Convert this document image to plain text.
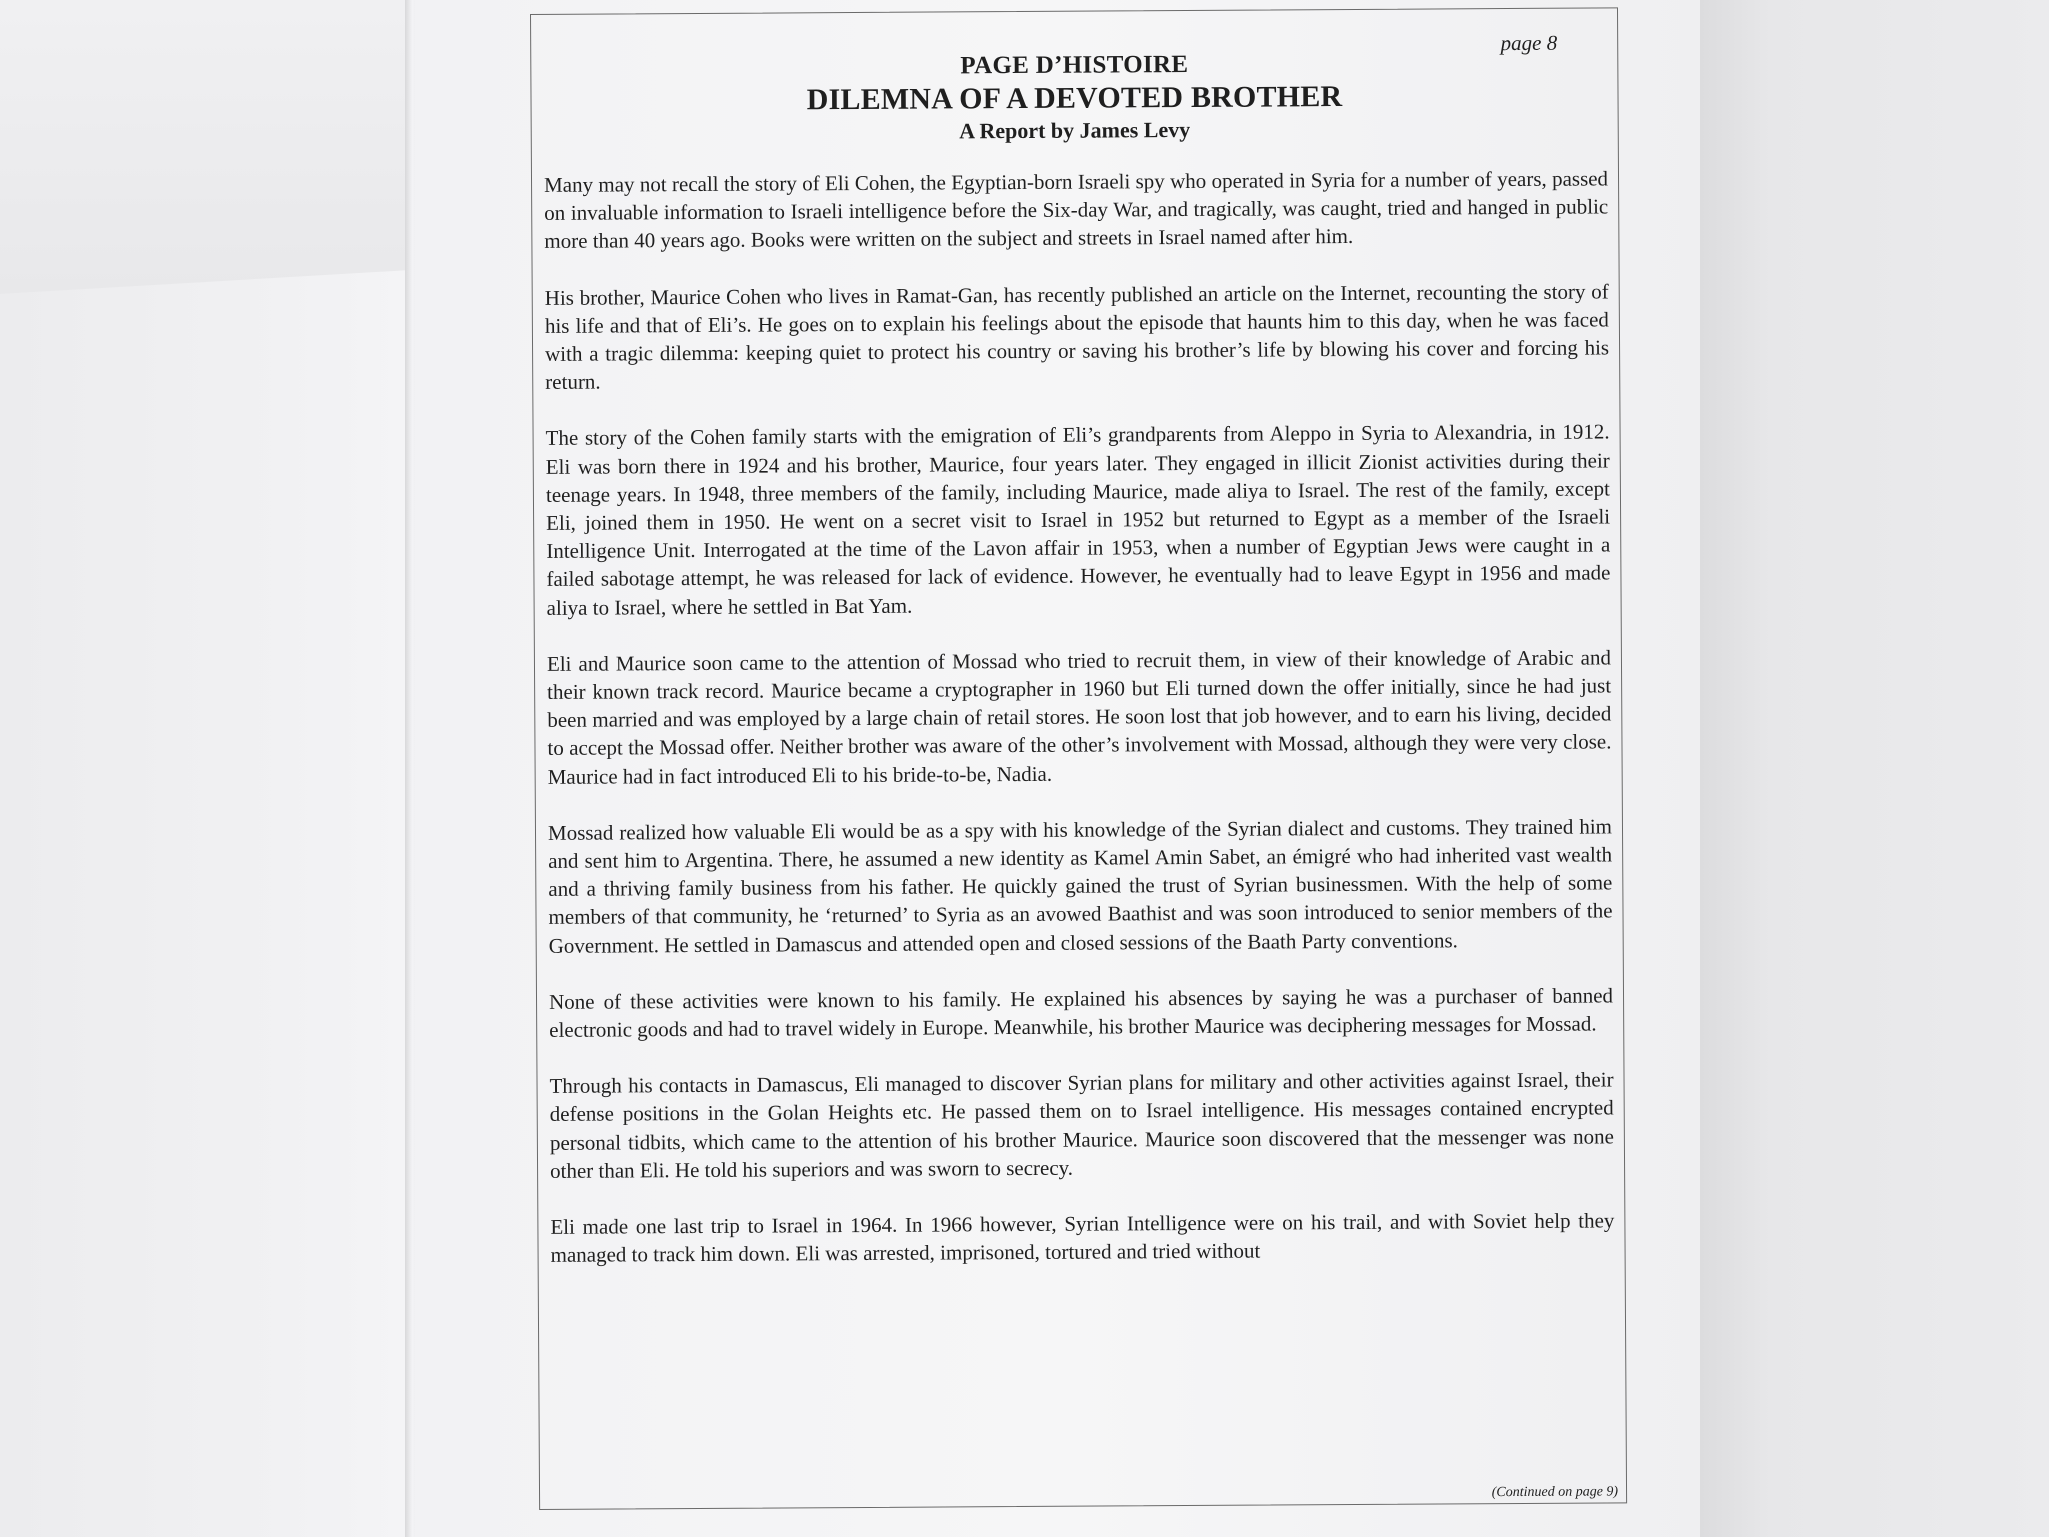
page 8
PAGE D’HISTOIRE
DILEMNA OF A DEVOTED BROTHER
A Report by James Levy

Many may not recall the story of Eli Cohen, the Egyptian-born Israeli spy who operated in Syria for a number of years, passed on invaluable information to Israeli intelligence before the Six-day War, and tragically, was caught, tried and hanged in public more than 40 years ago. Books were written on the subject and streets in Israel named after him.

His brother, Maurice Cohen who lives in Ramat-Gan, has recently published an article on the Internet, recounting the story of his life and that of Eli’s. He goes on to explain his feelings about the episode that haunts him to this day, when he was faced with a tragic dilemma: keeping quiet to protect his country or saving his brother’s life by blowing his cover and forcing his return.

The story of the Cohen family starts with the emigration of Eli’s grandparents from Aleppo in Syria to Alexandria, in 1912. Eli was born there in 1924 and his brother, Maurice, four years later. They engaged in illicit Zionist activities during their teenage years. In 1948, three members of the family, including Maurice, made aliya to Israel. The rest of the family, except Eli, joined them in 1950. He went on a secret visit to Israel in 1952 but returned to Egypt as a member of the Israeli Intelligence Unit. Interrogated at the time of the Lavon affair in 1953, when a number of Egyptian Jews were caught in a failed sabotage attempt, he was released for lack of evidence. However, he eventually had to leave Egypt in 1956 and made aliya to Israel, where he settled in Bat Yam.

Eli and Maurice soon came to the attention of Mossad who tried to recruit them, in view of their knowledge of Arabic and their known track record. Maurice became a cryptographer in 1960 but Eli turned down the offer initially, since he had just been married and was employed by a large chain of retail stores. He soon lost that job however, and to earn his living, decided to accept the Mossad offer. Neither brother was aware of the other’s involvement with Mossad, although they were very close. Maurice had in fact introduced Eli to his bride-to-be, Nadia.

Mossad realized how valuable Eli would be as a spy with his knowledge of the Syrian dialect and customs. They trained him and sent him to Argentina. There, he assumed a new identity as Kamel Amin Sabet, an émigré who had inherited vast wealth and a thriving family business from his father. He quickly gained the trust of Syrian businessmen. With the help of some members of that community, he ‘returned’ to Syria as an avowed Baathist and was soon introduced to senior members of the Government. He settled in Damascus and attended open and closed sessions of the Baath Party conventions.

None of these activities were known to his family. He explained his absences by saying he was a purchaser of banned electronic goods and had to travel widely in Europe. Meanwhile, his brother Maurice was deciphering messages for Mossad.

Through his contacts in Damascus, Eli managed to discover Syrian plans for military and other activities against Israel, their defense positions in the Golan Heights etc. He passed them on to Israel intelligence. His messages contained encrypted personal tidbits, which came to the attention of his brother Maurice. Maurice soon discovered that the messenger was none other than Eli. He told his superiors and was sworn to secrecy.

Eli made one last trip to Israel in 1964. In 1966 however, Syrian Intelligence were on his trail, and with Soviet help they managed to track him down. Eli was arrested, imprisoned, tortured and tried without

(Continued on page 9)
